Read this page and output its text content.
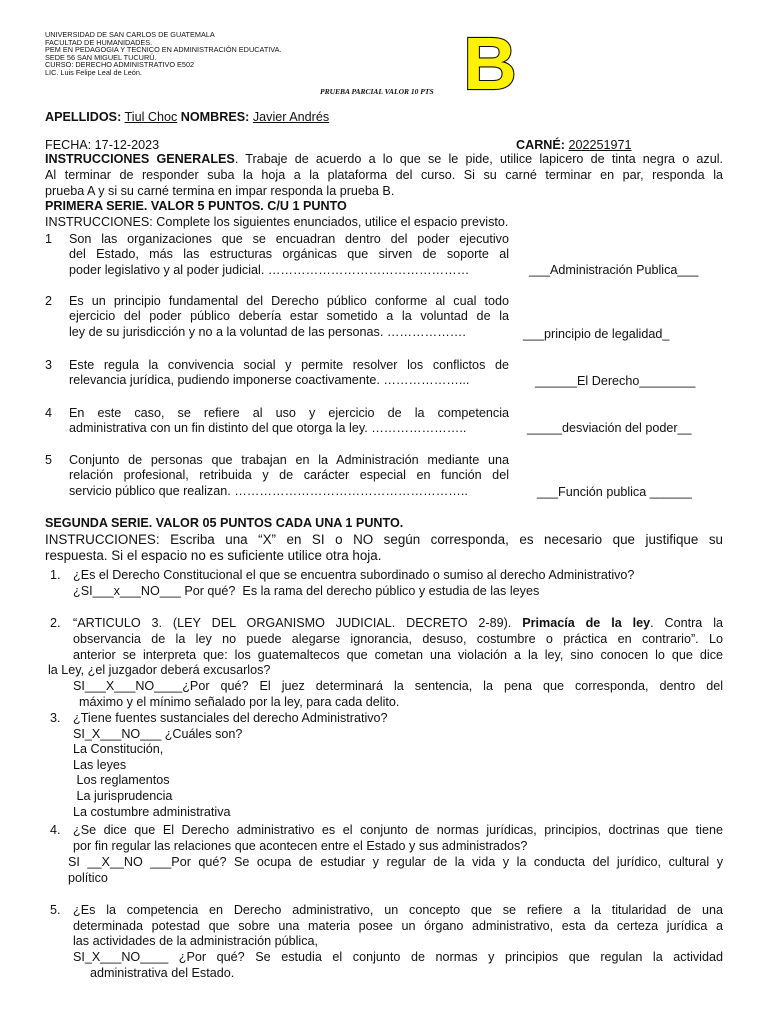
UNIVERSIDAD DE SAN CARLOS DE GUATEMALA
FACULTAD DE HUMANIDADES.
PEM EN PEDAGOGIA Y TECNICO EN ADMINISTRACIÓN EDUCATIVA.
SEDE 56 SAN MIGUEL TUCURÚ.
CURSO: DERECHO ADMINISTRATIVO E502
LIC. Luis Felipe Leal de León.	B
PRUEBA PARCIAL VALOR 10 PTS
APELLIDOS: Tiul Choc NOMBRES: Javier Andrés
FECHA: 17-12-2023	CARNÉ: 202251971
INSTRUCCIONES GENERALES. Trabaje de acuerdo a lo que se le pide, utilice lapicero de tinta negra o azul.
Al terminar de responder suba la hoja a la plataforma del curso. Si su carné terminar en par, responda la
prueba A y si su carné termina en impar responda la prueba B.
PRIMERA SERIE. VALOR 5 PUNTOS. C/U 1 PUNTO
INSTRUCCIONES: Complete los siguientes enunciados, utilice el espacio previsto.
1 Son las organizaciones que se encuadran dentro del poder ejecutivo
del Estado, más las estructuras orgánicas que sirven de soporte al
poder legislativo y al poder judicial. …………………………………………	___Administración Publica___
2 Es un principio fundamental del Derecho público conforme al cual todo
ejercicio del poder público debería estar sometido a la voluntad de la
ley de su jurisdicción y no a la voluntad de las personas. ……………….	___principio de legalidad_
3 Este regula la convivencia social y permite resolver los conflictos de
relevancia jurídica, pudiendo imponerse coactivamente. ………………...	______El Derecho________
4 En este caso, se refiere al uso y ejercicio de la competencia
administrativa con un fin distinto del que otorga la ley. …………………..	_____desviación del poder__
5 Conjunto de personas que trabajan en la Administración mediante una
relación profesional, retribuida y de carácter especial en función del
servicio público que realizan. ………………………………………………..	___Función publica ______
SEGUNDA SERIE. VALOR 05 PUNTOS CADA UNA 1 PUNTO.
INSTRUCCIONES: Escriba una “X” en SI o NO según corresponda, es necesario que justifique su
respuesta. Si el espacio no es suficiente utilice otra hoja.
1. ¿Es el Derecho Constitucional el que se encuentra subordinado o sumiso al derecho Administrativo?
¿SI___x___NO___ Por qué?  Es la rama del derecho público y estudia de las leyes
2. “ARTICULO 3. (LEY DEL ORGANISMO JUDICIAL. DECRETO 2-89). Primacía de la ley. Contra la
observancia de la ley no puede alegarse ignorancia, desuso, costumbre o práctica en contrario”. Lo
anterior se interpreta que: los guatemaltecos que cometan una violación a la ley, sino conocen lo que dice
la Ley, ¿el juzgador deberá excusarlos?
SI___X___NO____¿Por qué? El juez determinará la sentencia, la pena que corresponda, dentro del
máximo y el mínimo señalado por la ley, para cada delito.
3. ¿Tiene fuentes sustanciales del derecho Administrativo?
SI_X___NO___ ¿Cuáles son?
La Constitución,
Las leyes
Los reglamentos
La jurisprudencia
La costumbre administrativa
4. ¿Se dice que El Derecho administrativo es el conjunto de normas jurídicas, principios, doctrinas que tiene
por fin regular las relaciones que acontecen entre el Estado y sus administrados?
SI __X__NO ___Por qué? Se ocupa de estudiar y regular de la vida y la conducta del jurídico, cultural y
político
5. ¿Es la competencia en Derecho administrativo, un concepto que se refiere a la titularidad de una
determinada potestad que sobre una materia posee un órgano administrativo, esta da certeza jurídica a
las actividades de la administración pública,
SI_X___NO____ ¿Por qué? Se estudia el conjunto de normas y principios que regulan la actividad
administrativa del Estado.
